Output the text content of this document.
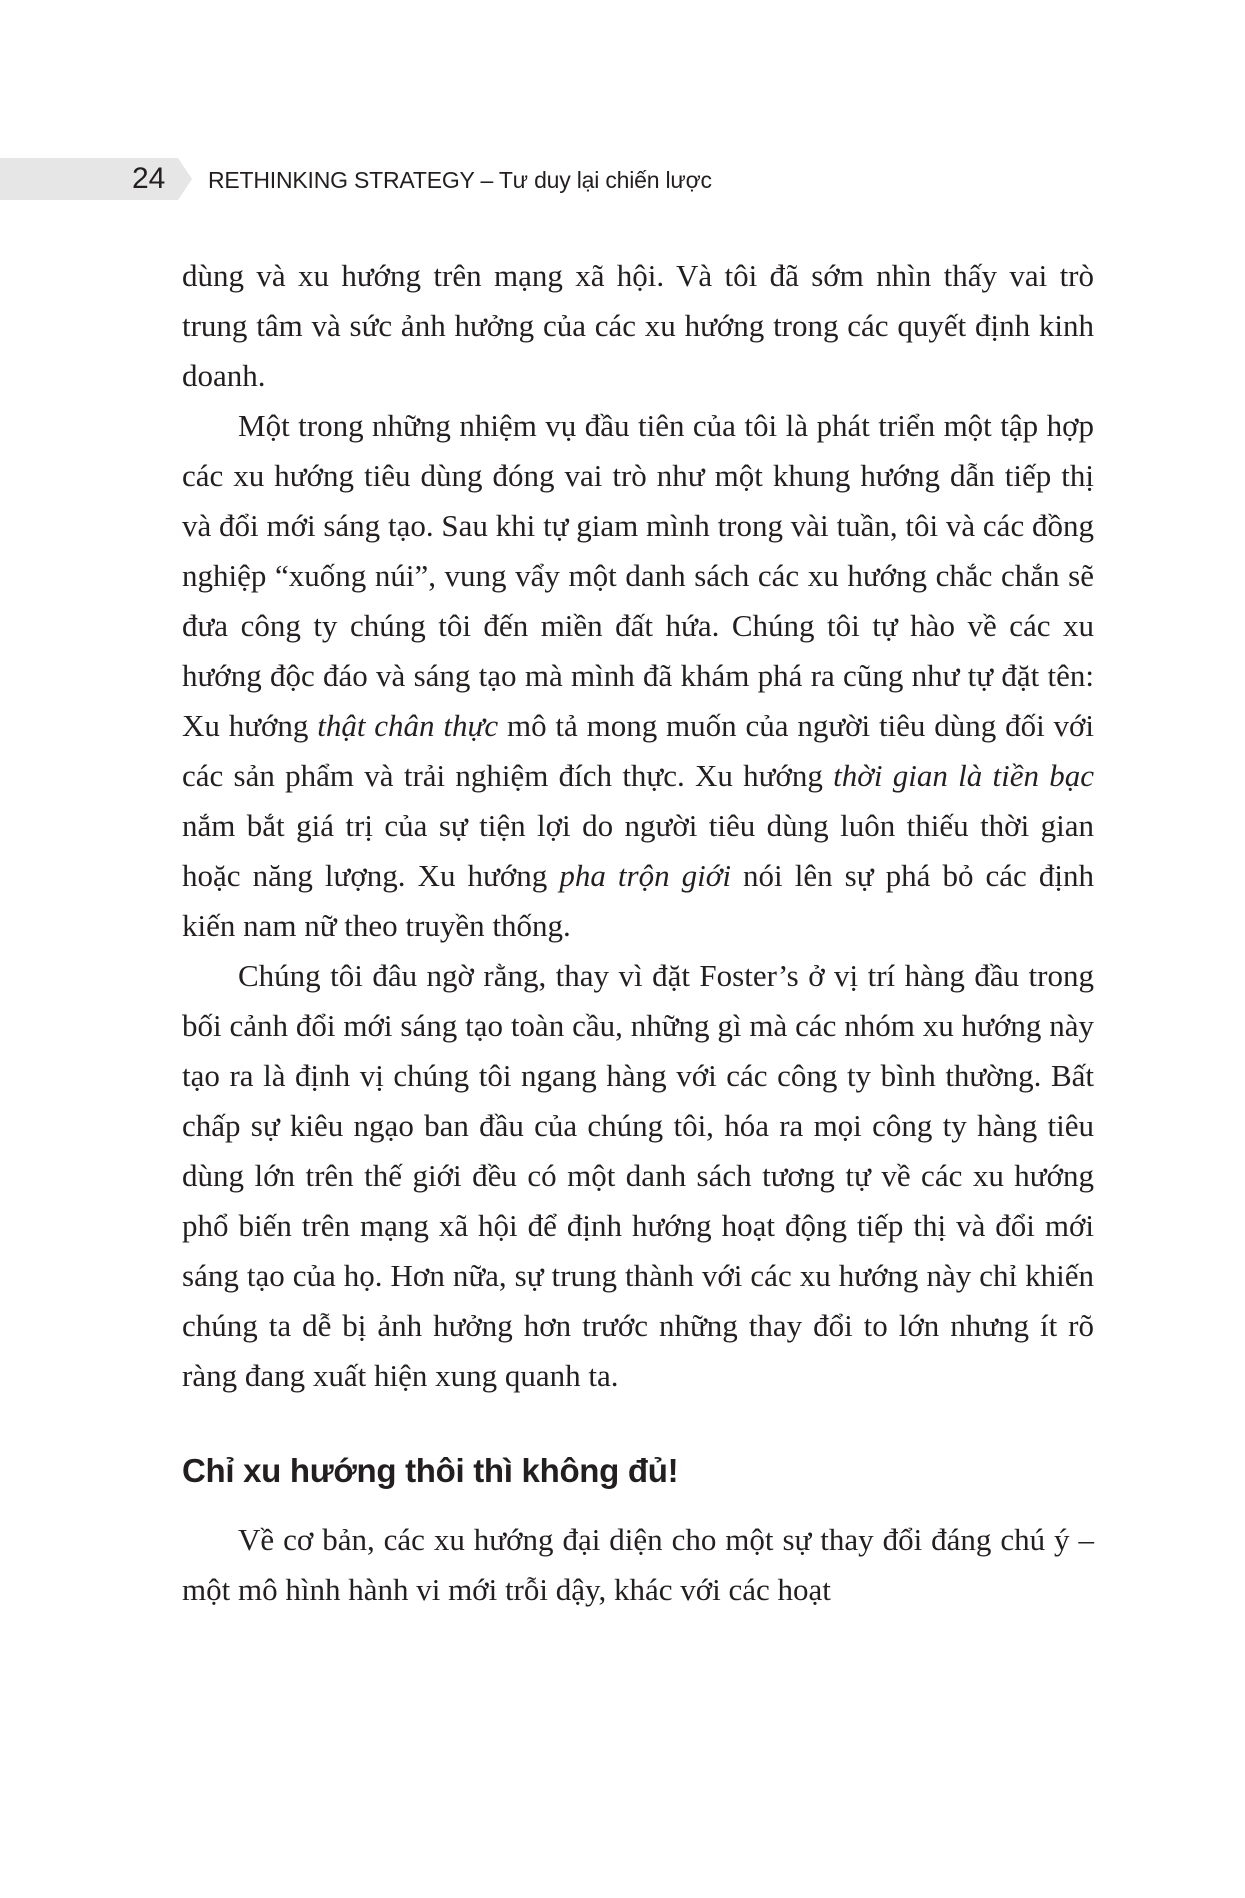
24 RETHINKING STRATEGY – Tư duy lại chiến lược

dùng và xu hướng trên mạng xã hội. Và tôi đã sớm nhìn thấy vai trò trung tâm và sức ảnh hưởng của các xu hướng trong các quyết định kinh doanh.

Một trong những nhiệm vụ đầu tiên của tôi là phát triển một tập hợp các xu hướng tiêu dùng đóng vai trò như một khung hướng dẫn tiếp thị và đổi mới sáng tạo. Sau khi tự giam mình trong vài tuần, tôi và các đồng nghiệp “xuống núi”, vung vẩy một danh sách các xu hướng chắc chắn sẽ đưa công ty chúng tôi đến miền đất hứa. Chúng tôi tự hào về các xu hướng độc đáo và sáng tạo mà mình đã khám phá ra cũng như tự đặt tên: Xu hướng thật chân thực mô tả mong muốn của người tiêu dùng đối với các sản phẩm và trải nghiệm đích thực. Xu hướng thời gian là tiền bạc nắm bắt giá trị của sự tiện lợi do người tiêu dùng luôn thiếu thời gian hoặc năng lượng. Xu hướng pha trộn giới nói lên sự phá bỏ các định kiến nam nữ theo truyền thống.

Chúng tôi đâu ngờ rằng, thay vì đặt Foster’s ở vị trí hàng đầu trong bối cảnh đổi mới sáng tạo toàn cầu, những gì mà các nhóm xu hướng này tạo ra là định vị chúng tôi ngang hàng với các công ty bình thường. Bất chấp sự kiêu ngạo ban đầu của chúng tôi, hóa ra mọi công ty hàng tiêu dùng lớn trên thế giới đều có một danh sách tương tự về các xu hướng phổ biến trên mạng xã hội để định hướng hoạt động tiếp thị và đổi mới sáng tạo của họ. Hơn nữa, sự trung thành với các xu hướng này chỉ khiến chúng ta dễ bị ảnh hưởng hơn trước những thay đổi to lớn nhưng ít rõ ràng đang xuất hiện xung quanh ta.

Chỉ xu hướng thôi thì không đủ!

Về cơ bản, các xu hướng đại diện cho một sự thay đổi đáng chú ý – một mô hình hành vi mới trỗi dậy, khác với các hoạt
